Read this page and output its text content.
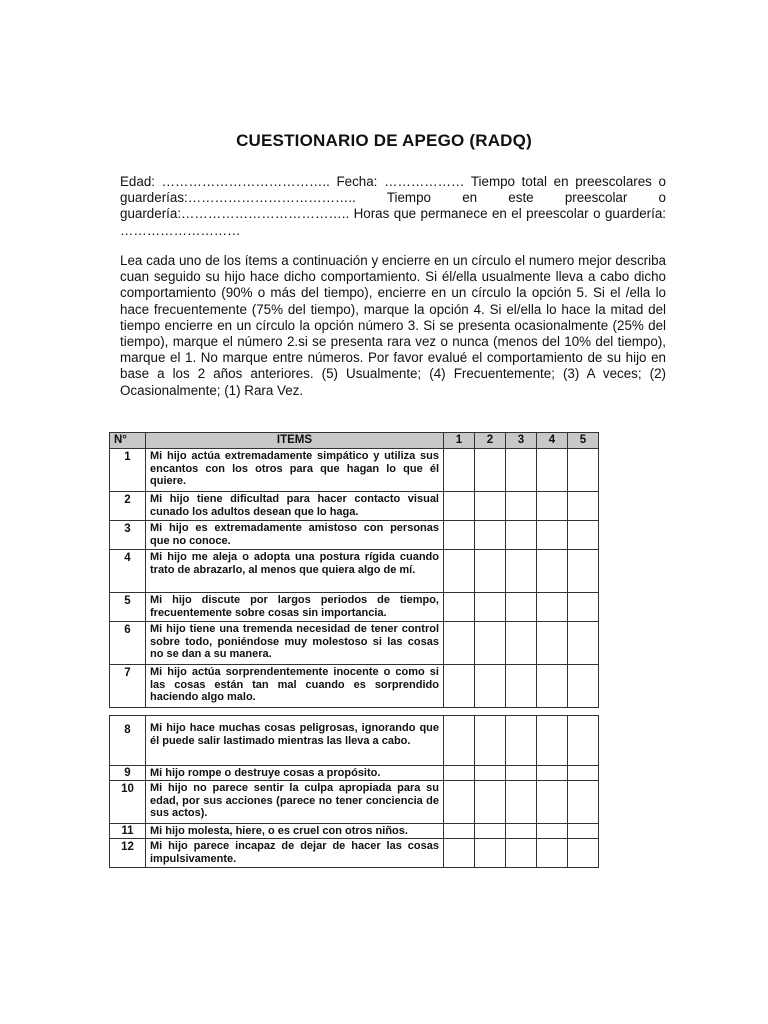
CUESTIONARIO DE APEGO (RADQ)
Edad: ……………………………….. Fecha: ……………… Tiempo total en preescolares o guarderías:……………………………….. Tiempo en este preescolar o guardería:……………………………….. Horas que permanece en el preescolar o guardería: ………………………
Lea cada uno de los ítems a continuación y encierre en un círculo el numero mejor describa cuan seguido su hijo hace dicho comportamiento. Si él/ella usualmente lleva a cabo dicho comportamiento (90% o más del tiempo), encierre en un círculo la opción 5. Si el /ella lo hace frecuentemente (75% del tiempo), marque la opción 4. Si el/ella lo hace la mitad del tiempo encierre en un círculo la opción número 3. Si se presenta ocasionalmente (25% del tiempo), marque el número 2.si se presenta rara vez o nunca (menos del 10% del tiempo), marque el 1. No marque entre números. Por favor evalué el comportamiento de su hijo en base a los 2 años anteriores. (5) Usualmente; (4) Frecuentemente; (3) A veces; (2) Ocasionalmente; (1) Rara Vez.
N°	ITEMS	1	2	3	4	5
1	Mi hijo actúa extremadamente simpático y utiliza sus encantos con los otros para que hagan lo que él quiere.					
2	Mi hijo tiene dificultad para hacer contacto visual cunado los adultos desean que lo haga.					
3	Mi hijo es extremadamente amistoso con personas que no conoce.					
4	Mi hijo me aleja o adopta una postura rígida cuando trato de abrazarlo, al menos que quiera algo de mí.					
5	Mi hijo discute por largos periodos de tiempo, frecuentemente sobre cosas sin importancia.					
6	Mi hijo tiene una tremenda necesidad de tener control sobre todo, poniéndose muy molestoso si las cosas no se dan a su manera.					
7	Mi hijo actúa sorprendentemente inocente o como si las cosas están tan mal cuando es sorprendido haciendo algo malo.					
8	Mi hijo hace muchas cosas peligrosas, ignorando que él puede salir lastimado mientras las lleva a cabo.					
9	Mi hijo rompe o destruye cosas a propósito.					
10	Mi hijo no parece sentir la culpa apropiada para su edad, por sus acciones (parece no tener conciencia de sus actos).					
11	Mi hijo molesta, hiere, o es cruel con otros niños.					
12	Mi hijo parece incapaz de dejar de hacer las cosas impulsivamente.					
